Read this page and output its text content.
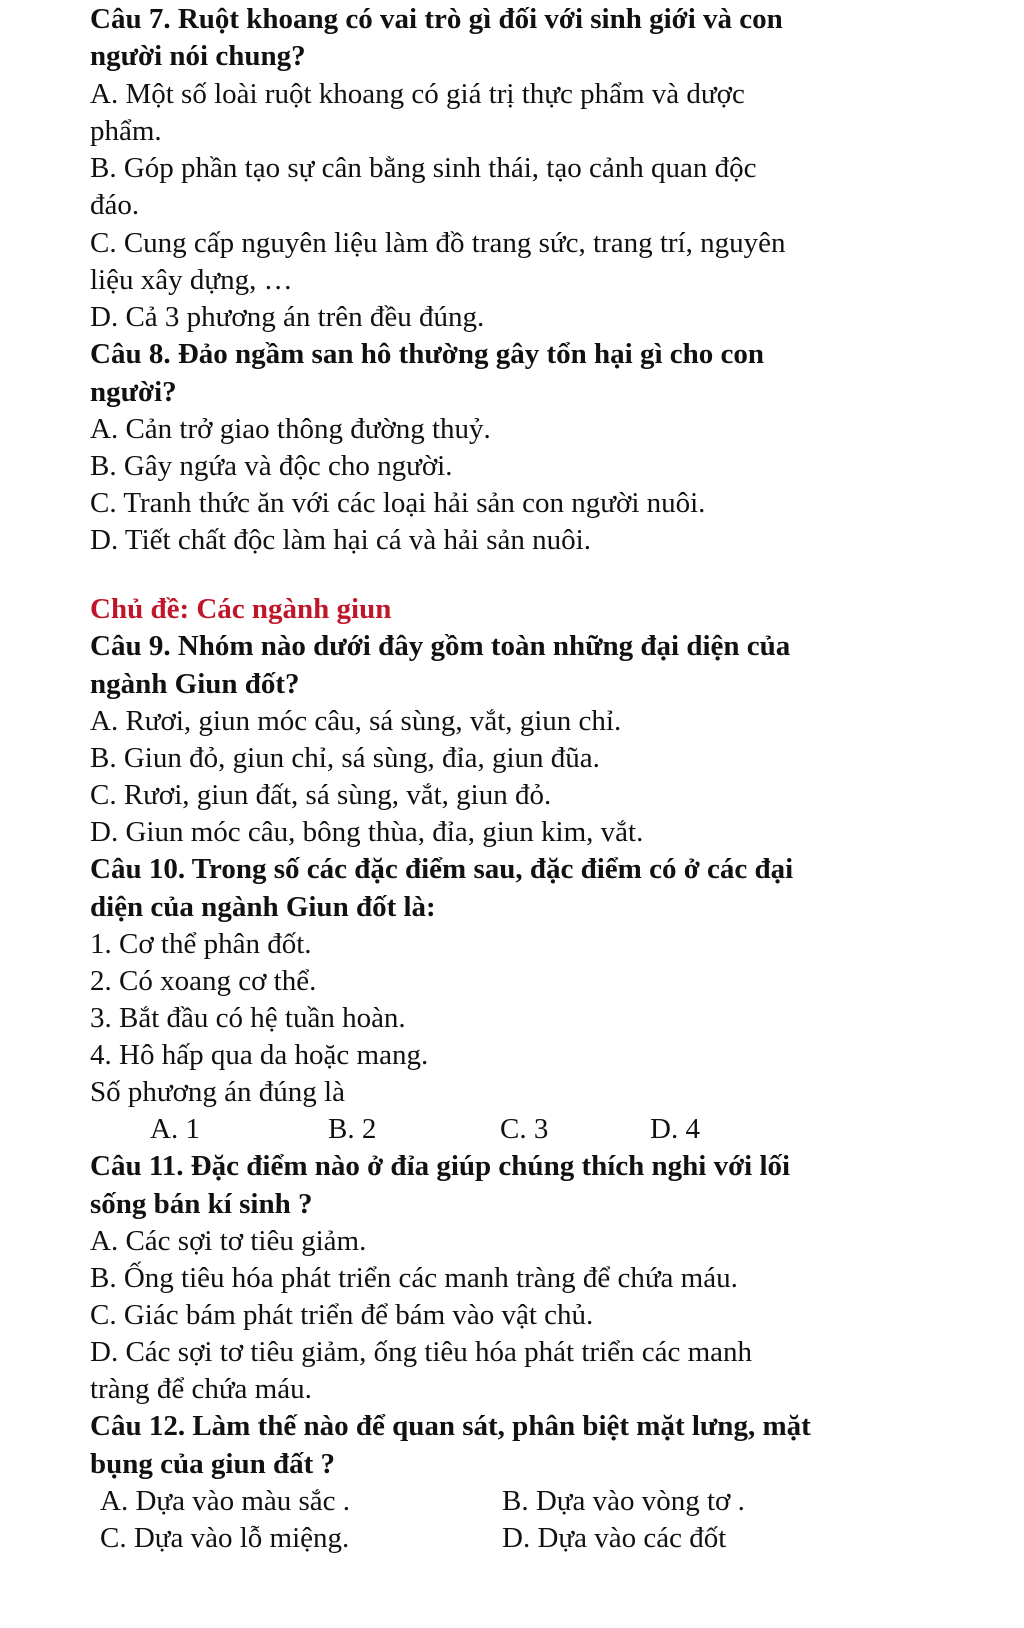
Câu 7. Ruột khoang có vai trò gì đối với sinh giới và con
người nói chung?
A. Một số loài ruột khoang có giá trị thực phẩm và dược
phẩm.
B. Góp phần tạo sự cân bằng sinh thái, tạo cảnh quan độc
đáo.
C. Cung cấp nguyên liệu làm đồ trang sức, trang trí, nguyên
liệu xây dựng, …
D. Cả 3 phương án trên đều đúng.
Câu 8. Đảo ngầm san hô thường gây tổn hại gì cho con
người?
A. Cản trở giao thông đường thuỷ.
B. Gây ngứa và độc cho người.
C. Tranh thức ăn với các loại hải sản con người nuôi.
D. Tiết chất độc làm hại cá và hải sản nuôi.
Chủ đề: Các ngành giun
Câu 9. Nhóm nào dưới đây gồm toàn những đại diện của
ngành Giun đốt?
A. Rươi, giun móc câu, sá sùng, vắt, giun chỉ.
B. Giun đỏ, giun chỉ, sá sùng, đỉa, giun đũa.
C. Rươi, giun đất, sá sùng, vắt, giun đỏ.
D. Giun móc câu, bông thùa, đỉa, giun kim, vắt.
Câu 10. Trong số các đặc điểm sau, đặc điểm có ở các đại
diện của ngành Giun đốt là:
1. Cơ thể phân đốt.
2. Có xoang cơ thể.
3. Bắt đầu có hệ tuần hoàn.
4. Hô hấp qua da hoặc mang.
Số phương án đúng là
A. 1	B. 2	C. 3	D. 4
Câu 11. Đặc điểm nào ở đỉa giúp chúng thích nghi với lối
sống bán kí sinh ?
A. Các sợi tơ tiêu giảm.
B. Ống tiêu hóa phát triển các manh tràng để chứa máu.
C. Giác bám phát triển để bám vào vật chủ.
D. Các sợi tơ tiêu giảm, ống tiêu hóa phát triển các manh
tràng để chứa máu.
Câu 12. Làm thế nào để quan sát, phân biệt mặt lưng, mặt
bụng của giun đất ?
A. Dựa vào màu sắc .	B. Dựa vào vòng tơ .
C. Dựa vào lỗ miệng.	D. Dựa vào các đốt
